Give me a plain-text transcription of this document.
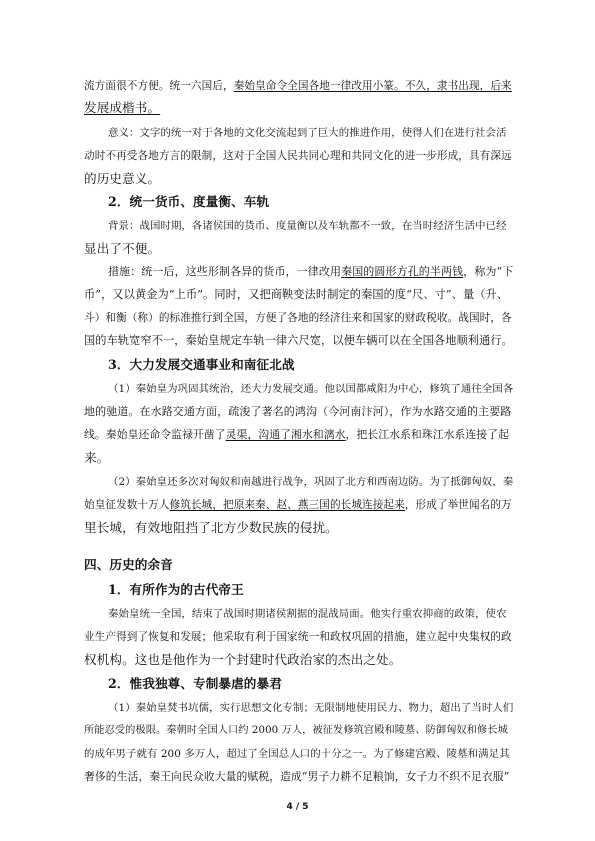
流方面很不方便。统一六国后，秦始皇命令全国各地一律改用小篆。不久，隶书出现，后来
发展成楷书。
意义：文字的统一对于各地的文化交流起到了巨大的推进作用，使得人们在进行社会活
动时不再受各地方言的限制，这对于全国人民共同心理和共同文化的进一步形成，具有深远
的历史意义。
2．统一货币、度量衡、车轨
背景：战国时期，各诸侯国的货币、度量衡以及车轨都不一致，在当时经济生活中已经
显出了不便。
措施：统一后，这些形制各异的货币，一律改用秦国的圆形方孔的半两钱，称为“下
币”，又以黄金为“上币”。同时，又把商鞅变法时制定的秦国的度“尺、寸”、量（升、
斗）和衡（称）的标准推行到全国，方便了各地的经济往来和国家的财政税收。战国时，各
国的车轨宽窄不一，秦始皇规定车轨一律六尺宽，以便车辆可以在全国各地顺利通行。
3．大力发展交通事业和南征北战
（1）秦始皇为巩固其统治，还大力发展交通。他以国都咸阳为中心，修筑了通往全国各
地的驰道。在水路交通方面，疏浚了著名的鸿沟（今河南汴河），作为水路交通的主要路
线。秦始皇还命令监禄开凿了灵渠，沟通了湘水和漓水，把长江水系和珠江水系连接了起
来。
（2）秦始皇还多次对匈奴和南越进行战争，巩固了北方和西南边防。为了抵御匈奴，秦
始皇征发数十万人修筑长城，把原来秦、赵、燕三国的长城连接起来，形成了举世闻名的万
里长城，有效地阻挡了北方少数民族的侵扰。
四、历史的余音
1．有所作为的古代帝王
秦始皇统一全国，结束了战国时期诸侯割据的混战局面。他实行重农抑商的政策，使农
业生产得到了恢复和发展；他采取有利于国家统一和政权巩固的措施，建立起中央集权的政
权机构。这也是他作为一个封建时代政治家的杰出之处。
2．惟我独尊、专制暴虐的暴君
（1）秦始皇焚书坑儒，实行思想文化专制；无限制地使用民力、物力，超出了当时人们
所能忍受的极限。秦朝时全国人口约 2000 万人，被征发修筑宫殿和陵墓、防御匈奴和修长城
的成年男子就有 200 多万人，超过了全国总人口的十分之一。为了修建宫殿、陵墓和满足其
奢侈的生活，秦王向民众收大量的赋税，造成“男子力耕不足粮饷，女子力不织不足衣服”
4 / 5
